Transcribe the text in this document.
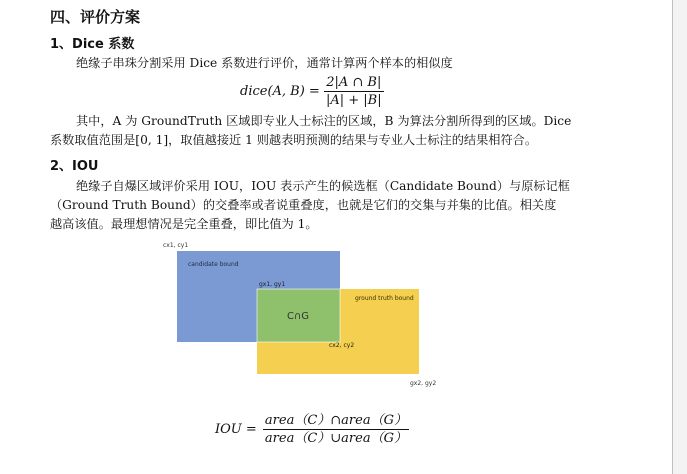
四、评价方案
1、Dice 系数
绝缘子串珠分割采用 Dice 系数进行评价，通常计算两个样本的相似度
dice(A, $B) = \frac{2|A \cap B|}{|A| + |B|}$
其中，A 为 GroundTruth 区域即专业人士标注的区域，B 为算法分割所得到的区域。Dice
系数取值范围是[0, 1]，取值越接近 1 则越表明预测的结果与专业人士标注的结果相符合。
2、IOU
绝缘子自爆区域评价采用 IOU，IOU 表示产生的候选框（Candidate Bound）与原标记框
（Ground Truth Bound）的交叠率或者说重叠度，也就是它们的交集与并集的比值。相关度
越高该值。最理想情况是完全重叠，即比值为 1。
cx1, cy1
candidate bound
gx1, gy1
C∩G
ground truth bound
cx2, cy2
gx2, gy2
IOU = $\frac{\text{area（C）∩area（G）}}{\text{area（C）∪area（G）}}$
